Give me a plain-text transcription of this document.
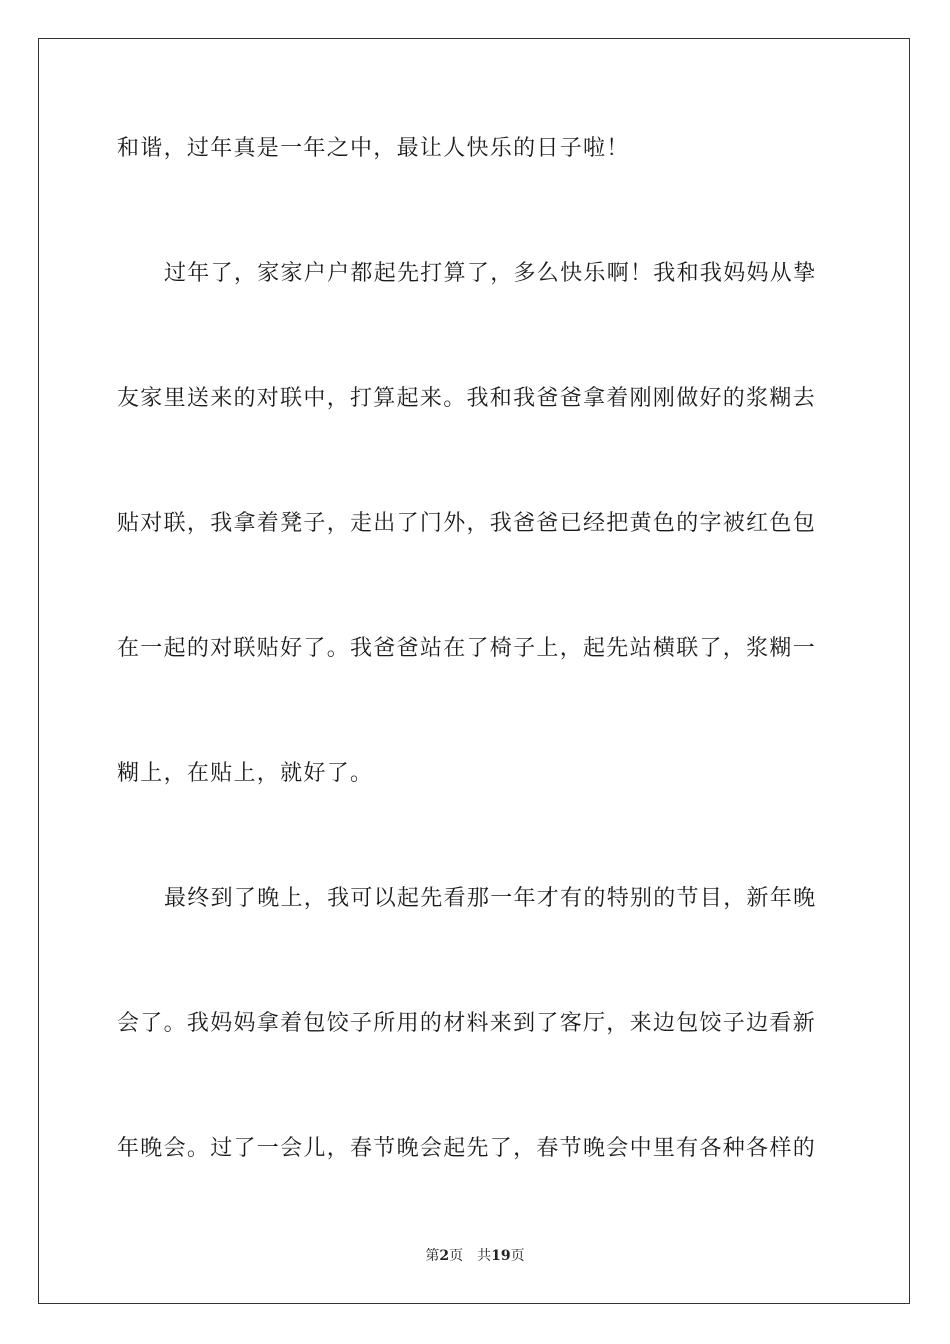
和谐，过年真是一年之中，最让人快乐的日子啦！

过年了，家家户户都起先打算了，多么快乐啊！我和我妈妈从挚

友家里送来的对联中，打算起来。我和我爸爸拿着刚刚做好的浆糊去

贴对联，我拿着凳子，走出了门外，我爸爸已经把黄色的字被红色包

在一起的对联贴好了。我爸爸站在了椅子上，起先站横联了，浆糊一

糊上，在贴上，就好了。

最终到了晚上，我可以起先看那一年才有的特别的节目，新年晚

会了。我妈妈拿着包饺子所用的材料来到了客厅，来边包饺子边看新

年晚会。过了一会儿，春节晚会起先了，春节晚会中里有各种各样的

第2页 共19页
